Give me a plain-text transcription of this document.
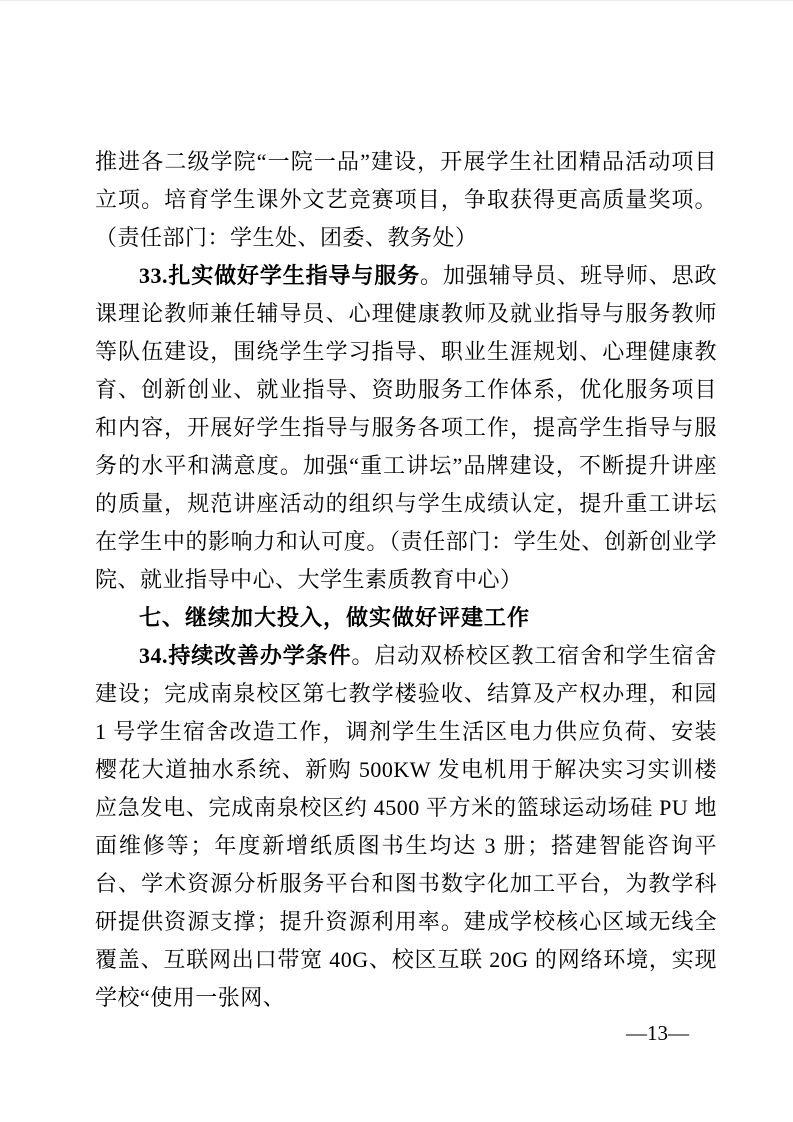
推进各二级学院“一院一品”建设，开展学生社团精品活动项目立项。培育学生课外文艺竞赛项目，争取获得更高质量奖项。（责任部门：学生处、团委、教务处）

33.扎实做好学生指导与服务。加强辅导员、班导师、思政课理论教师兼任辅导员、心理健康教师及就业指导与服务教师等队伍建设，围绕学生学习指导、职业生涯规划、心理健康教育、创新创业、就业指导、资助服务工作体系，优化服务项目和内容，开展好学生指导与服务各项工作，提高学生指导与服务的水平和满意度。加强“重工讲坛”品牌建设，不断提升讲座的质量，规范讲座活动的组织与学生成绩认定，提升重工讲坛在学生中的影响力和认可度。（责任部门：学生处、创新创业学院、就业指导中心、大学生素质教育中心）

七、继续加大投入，做实做好评建工作

34.持续改善办学条件。启动双桥校区教工宿舍和学生宿舍建设；完成南泉校区第七教学楼验收、结算及产权办理，和园 1 号学生宿舍改造工作，调剂学生生活区电力供应负荷、安装樱花大道抽水系统、新购 500KW 发电机用于解决实习实训楼应急发电、完成南泉校区约 4500 平方米的篮球运动场硅 PU 地面维修等；年度新增纸质图书生均达 3 册；搭建智能咨询平台、学术资源分析服务平台和图书数字化加工平台，为教学科研提供资源支撑；提升资源利用率。建成学校核心区域无线全覆盖、互联网出口带宽 40G、校区互联 20G 的网络环境，实现学校“使用一张网、

—13—
